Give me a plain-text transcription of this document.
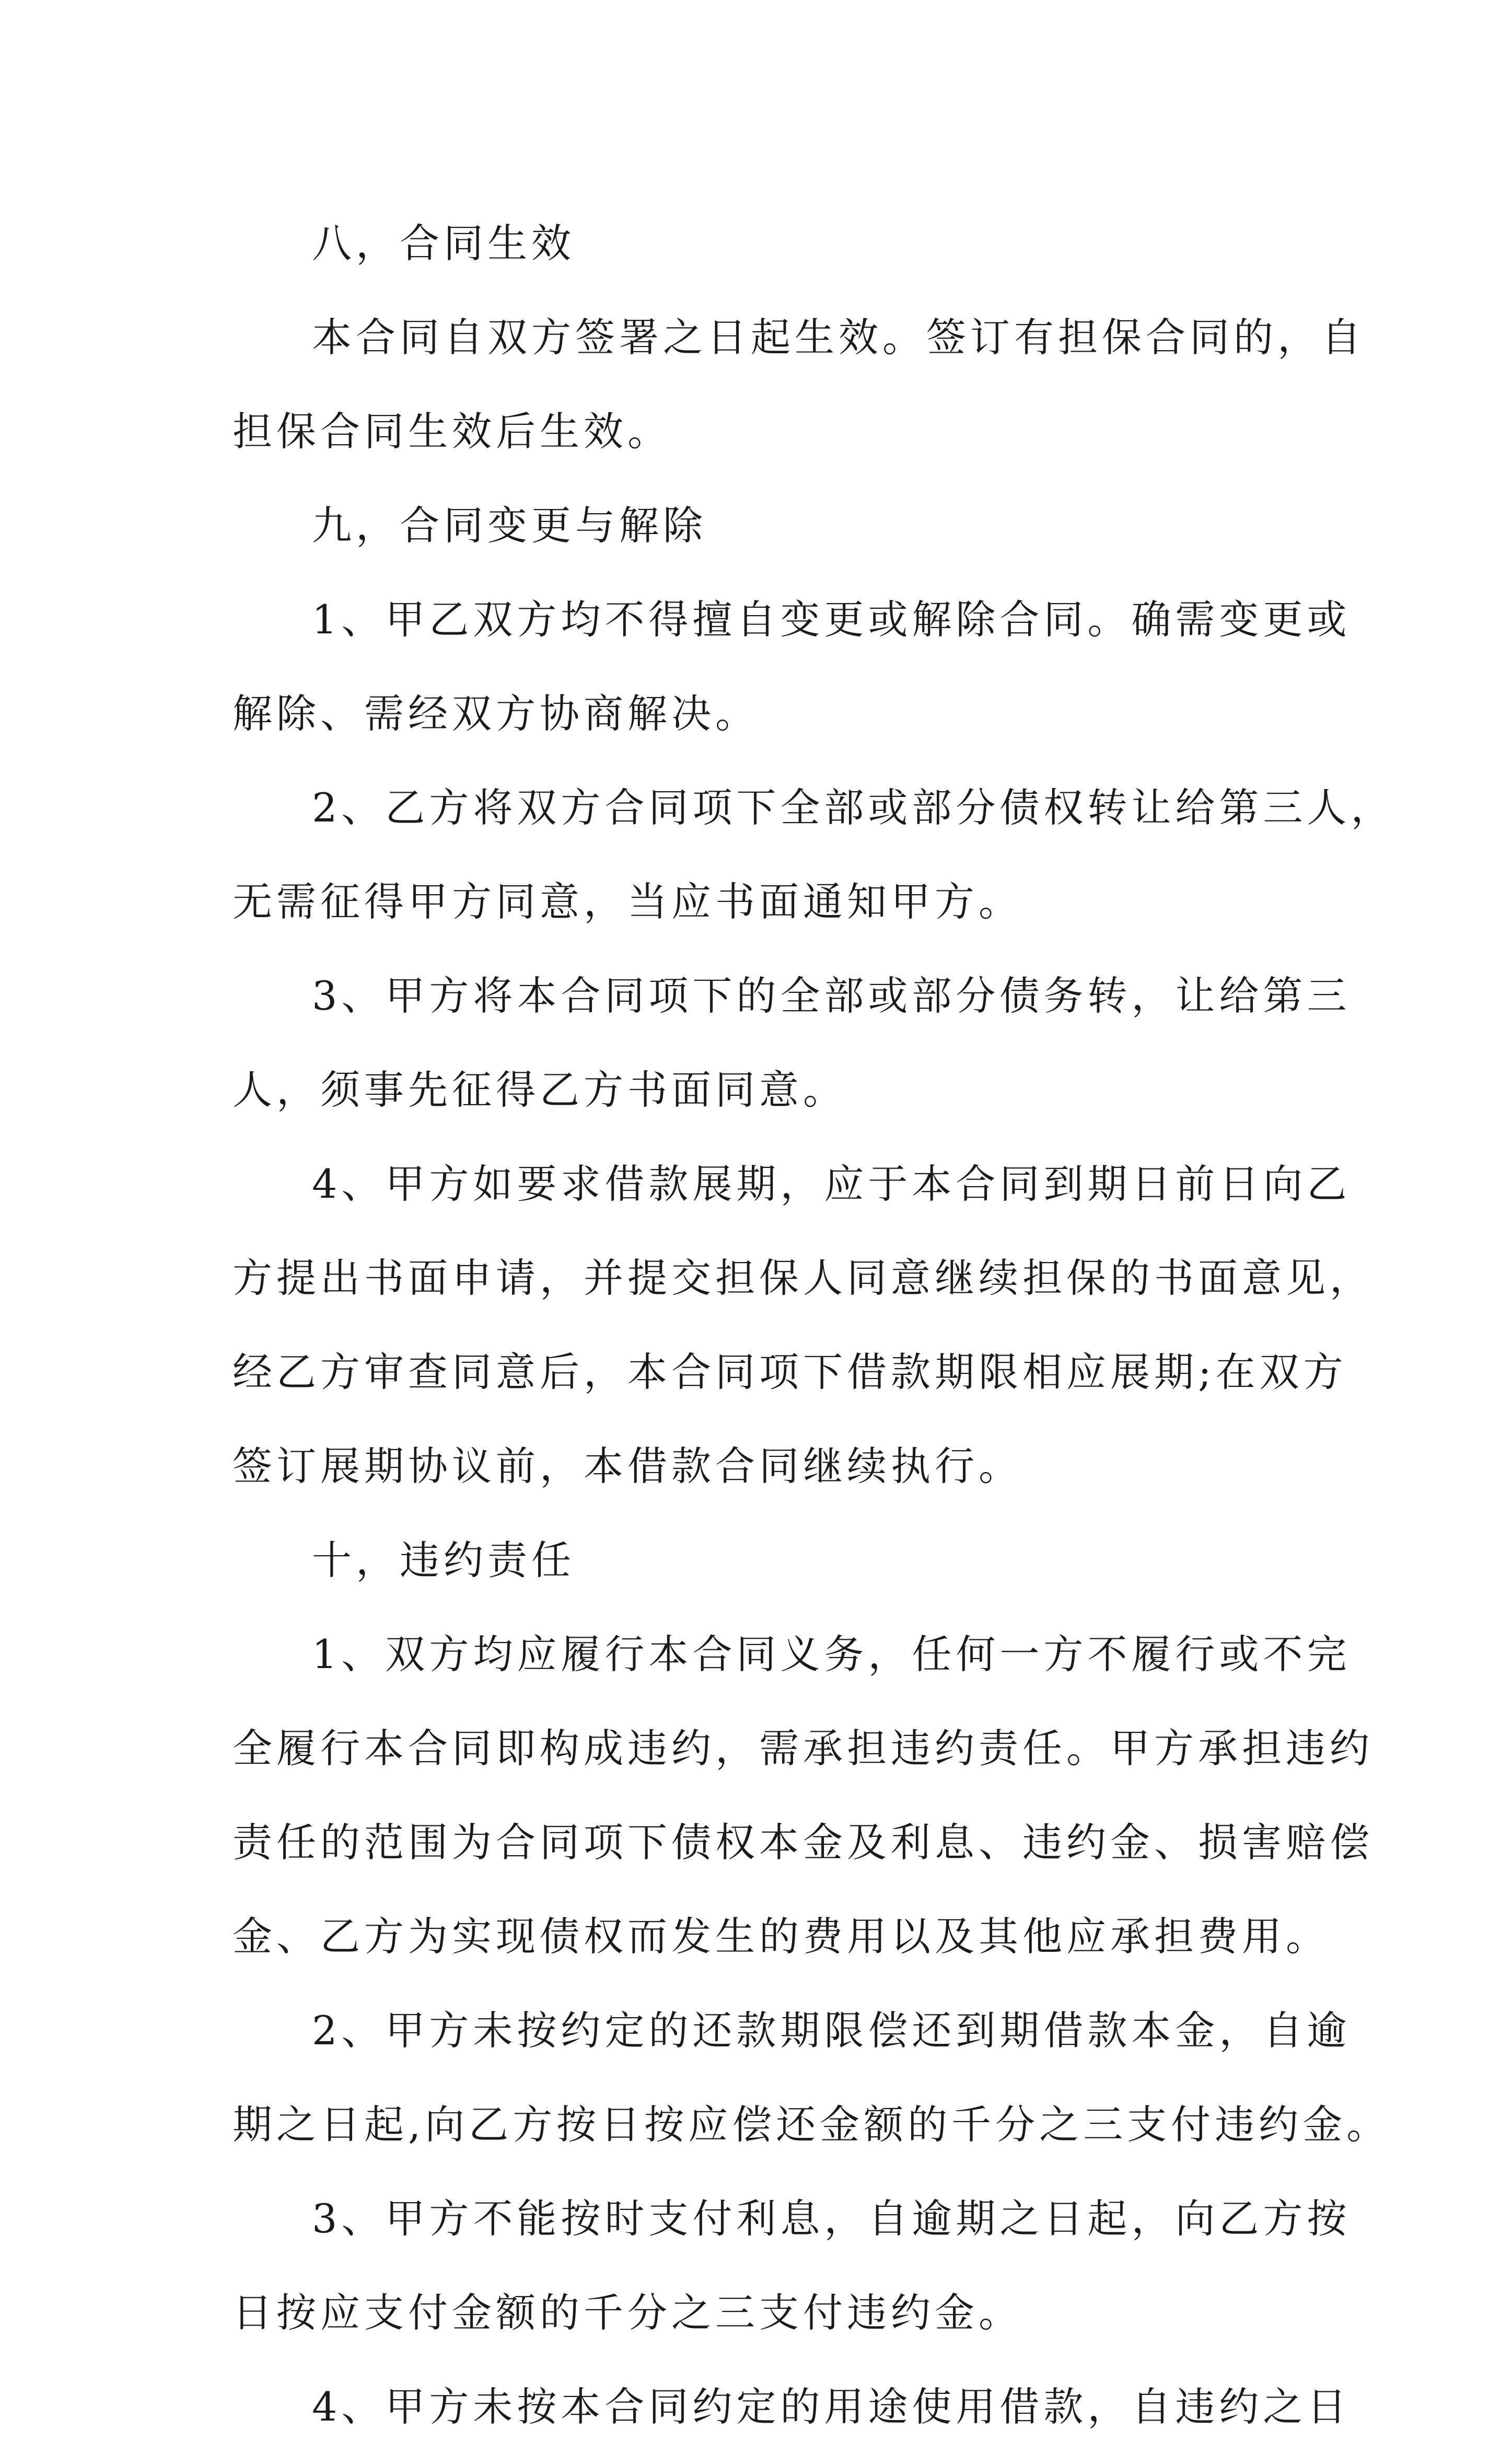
八，合同生效

本合同自双方签署之日起生效。签订有担保合同的，自
担保合同生效后生效。

九，合同变更与解除

1、甲乙双方均不得擅自变更或解除合同。确需变更或
解除、需经双方协商解决。

2、乙方将双方合同项下全部或部分债权转让给第三人，
无需征得甲方同意，当应书面通知甲方。

3、甲方将本合同项下的全部或部分债务转，让给第三
人，须事先征得乙方书面同意。

4、甲方如要求借款展期，应于本合同到期日前日向乙
方提出书面申请，并提交担保人同意继续担保的书面意见，
经乙方审查同意后，本合同项下借款期限相应展期;在双方
签订展期协议前，本借款合同继续执行。

十，违约责任

1、双方均应履行本合同义务，任何一方不履行或不完
全履行本合同即构成违约，需承担违约责任。甲方承担违约
责任的范围为合同项下债权本金及利息、违约金、损害赔偿
金、乙方为实现债权而发生的费用以及其他应承担费用。

2、甲方未按约定的还款期限偿还到期借款本金，自逾
期之日起,向乙方按日按应偿还金额的千分之三支付违约金。

3、甲方不能按时支付利息，自逾期之日起，向乙方按
日按应支付金额的千分之三支付违约金。

4、甲方未按本合同约定的用途使用借款，自违约之日
